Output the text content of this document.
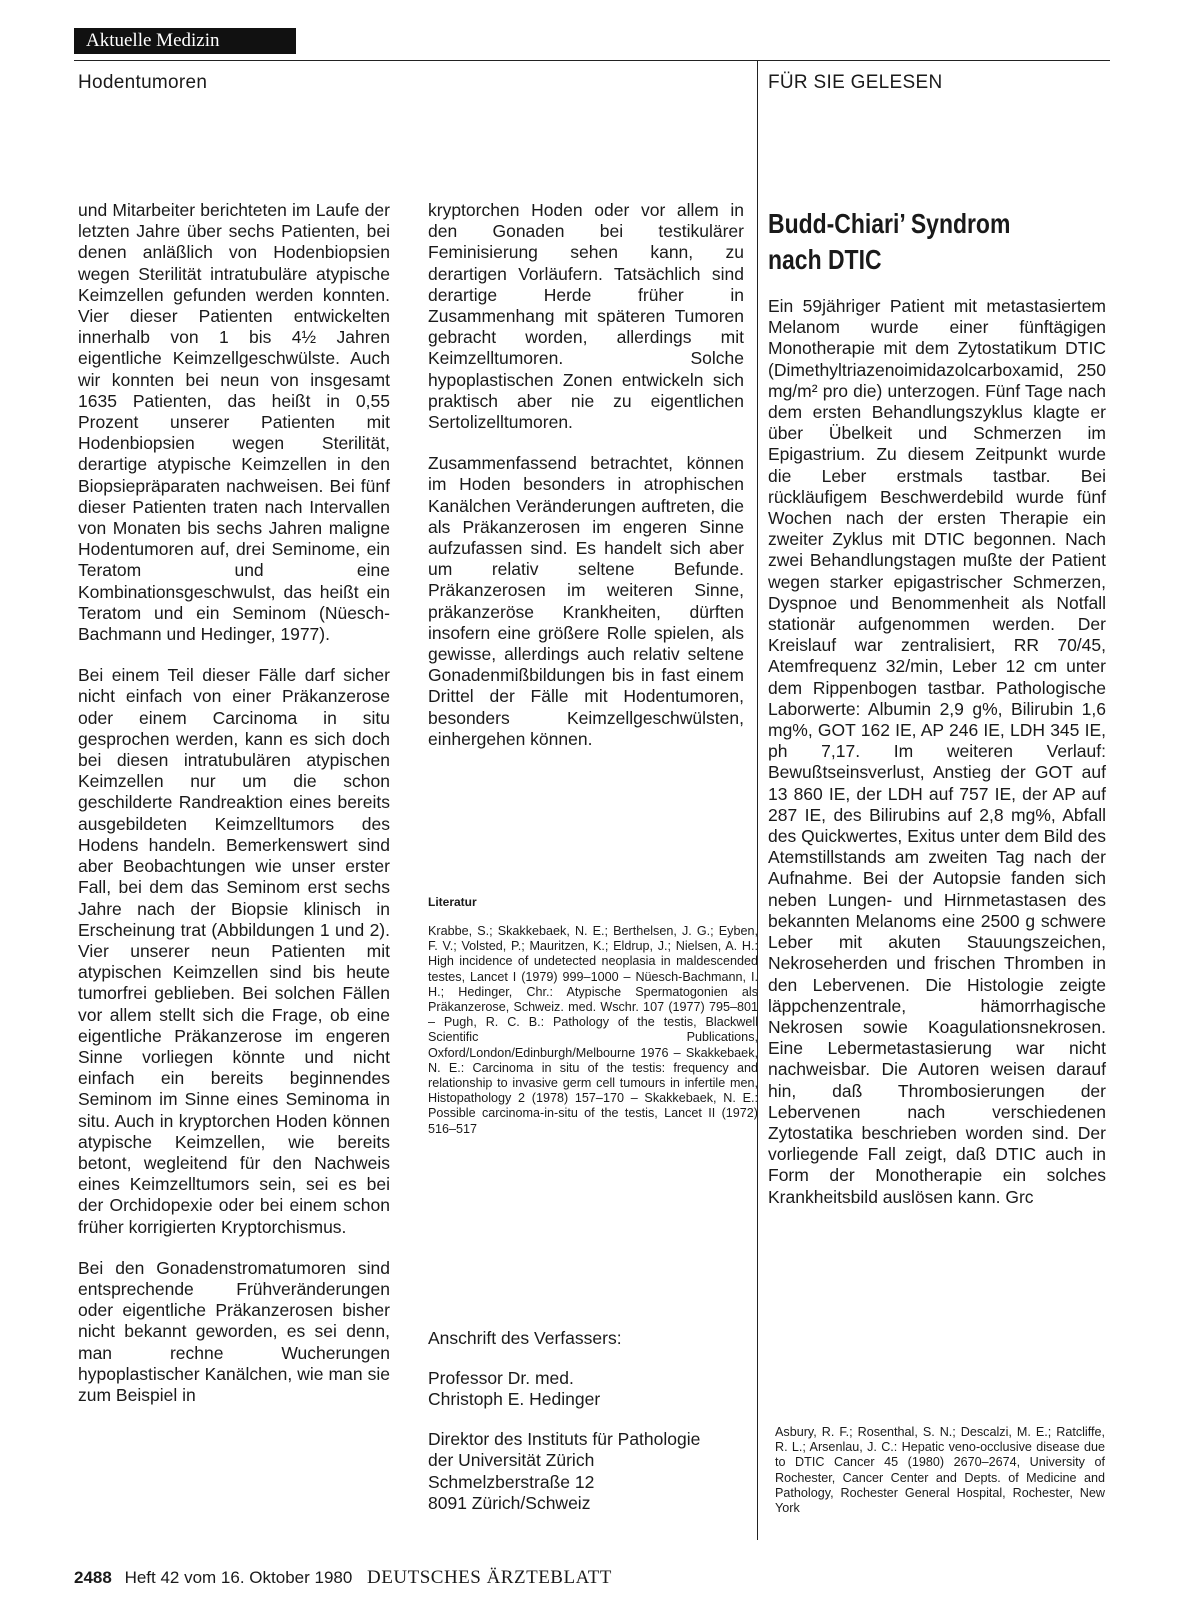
Aktuelle Medizin
Hodentumoren	FÜR SIE GELESEN

und Mitarbeiter berichteten im Laufe der letzten Jahre über sechs Patienten, bei denen anläßlich von Hodenbiopsien wegen Sterilität intratubuläre atypische Keimzellen gefunden werden konnten. Vier dieser Patienten entwickelten innerhalb von 1 bis 4½ Jahren eigentliche Keimzellgeschwülste. Auch wir konnten bei neun von insgesamt 1635 Patienten, das heißt in 0,55 Prozent unserer Patienten mit Hodenbiopsien wegen Sterilität, derartige atypische Keimzellen in den Biopsiepräparaten nachweisen. Bei fünf dieser Patienten traten nach Intervallen von Monaten bis sechs Jahren maligne Hodentumoren auf, drei Seminome, ein Teratom und eine Kombinationsgeschwulst, das heißt ein Teratom und ein Seminom (Nüesch-Bachmann und Hedinger, 1977).

Bei einem Teil dieser Fälle darf sicher nicht einfach von einer Präkanzerose oder einem Carcinoma in situ gesprochen werden, kann es sich doch bei diesen intratubulären atypischen Keimzellen nur um die schon geschilderte Randreaktion eines bereits ausgebildeten Keimzelltumors des Hodens handeln. Bemerkenswert sind aber Beobachtungen wie unser erster Fall, bei dem das Seminom erst sechs Jahre nach der Biopsie klinisch in Erscheinung trat (Abbildungen 1 und 2). Vier unserer neun Patienten mit atypischen Keimzellen sind bis heute tumorfrei geblieben. Bei solchen Fällen vor allem stellt sich die Frage, ob eine eigentliche Präkanzerose im engeren Sinne vorliegen könnte und nicht einfach ein bereits beginnendes Seminom im Sinne eines Seminoma in situ. Auch in kryptorchen Hoden können atypische Keimzellen, wie bereits betont, wegleitend für den Nachweis eines Keimzelltumors sein, sei es bei der Orchidopexie oder bei einem schon früher korrigierten Kryptorchismus.

Bei den Gonadenstromatumoren sind entsprechende Frühveränderungen oder eigentliche Präkanzerosen bisher nicht bekannt geworden, es sei denn, man rechne Wucherungen hypoplastischer Kanälchen, wie man sie zum Beispiel in

kryptorchen Hoden oder vor allem in den Gonaden bei testikulärer Feminisierung sehen kann, zu derartigen Vorläufern. Tatsächlich sind derartige Herde früher in Zusammenhang mit späteren Tumoren gebracht worden, allerdings mit Keimzelltumoren. Solche hypoplastischen Zonen entwickeln sich praktisch aber nie zu eigentlichen Sertolizelltumoren.

Zusammenfassend betrachtet, können im Hoden besonders in atrophischen Kanälchen Veränderungen auftreten, die als Präkanzerosen im engeren Sinne aufzufassen sind. Es handelt sich aber um relativ seltene Befunde. Präkanzerosen im weiteren Sinne, präkanzeröse Krankheiten, dürften insofern eine größere Rolle spielen, als gewisse, allerdings auch relativ seltene Gonadenmißbildungen bis in fast einem Drittel der Fälle mit Hodentumoren, besonders Keimzellgeschwülsten, einhergehen können.

Literatur
Krabbe, S.; Skakkebaek, N. E.; Berthelsen, J. G.; Eyben, F. V.; Volsted, P.; Mauritzen, K.; Eldrup, J.; Nielsen, A. H.: High incidence of undetected neoplasia in maldescended testes, Lancet I (1979) 999–1000 – Nüesch-Bachmann, I. H.; Hedinger, Chr.: Atypische Spermatogonien als Präkanzerose, Schweiz. med. Wschr. 107 (1977) 795–801 – Pugh, R. C. B.: Pathology of the testis, Blackwell Scientific Publications, Oxford/London/Edinburgh/Melbourne 1976 – Skakkebaek, N. E.: Carcinoma in situ of the testis: frequency and relationship to invasive germ cell tumours in infertile men, Histopathology 2 (1978) 157–170 – Skakkebaek, N. E.: Possible carcinoma-in-situ of the testis, Lancet II (1972) 516–517
Anschrift des Verfassers:
Professor Dr. med.
Christoph E. Hedinger
Direktor des Instituts für Pathologie
der Universität Zürich
Schmelzberstraße 12
8091 Zürich/Schweiz
Budd-Chiari’ Syndrom
nach DTIC

Ein 59jähriger Patient mit metastasiertem Melanom wurde einer fünftägigen Monotherapie mit dem Zytostatikum DTIC (Dimethyltriazenoimidazolcarboxamid, 250 mg/m² pro die) unterzogen. Fünf Tage nach dem ersten Behandlungszyklus klagte er über Übelkeit und Schmerzen im Epigastrium. Zu diesem Zeitpunkt wurde die Leber erstmals tastbar. Bei rückläufigem Beschwerdebild wurde fünf Wochen nach der ersten Therapie ein zweiter Zyklus mit DTIC begonnen. Nach zwei Behandlungstagen mußte der Patient wegen starker epigastrischer Schmerzen, Dyspnoe und Benommenheit als Notfall stationär aufgenommen werden. Der Kreislauf war zentralisiert, RR 70/45, Atemfrequenz 32/min, Leber 12 cm unter dem Rippenbogen tastbar. Pathologische Laborwerte: Albumin 2,9 g%, Bilirubin 1,6 mg%, GOT 162 IE, AP 246 IE, LDH 345 IE, ph 7,17. Im weiteren Verlauf: Bewußtseinsverlust, Anstieg der GOT auf 13 860 IE, der LDH auf 757 IE, der AP auf 287 IE, des Bilirubins auf 2,8 mg%, Abfall des Quickwertes, Exitus unter dem Bild des Atemstillstands am zweiten Tag nach der Aufnahme. Bei der Autopsie fanden sich neben Lungen- und Hirnmetastasen des bekannten Melanoms eine 2500 g schwere Leber mit akuten Stauungszeichen, Nekroseherden und frischen Thromben in den Lebervenen. Die Histologie zeigte läppchenzentrale, hämorrhagische Nekrosen sowie Koagulationsnekrosen. Eine Lebermetastasierung war nicht nachweisbar. Die Autoren weisen darauf hin, daß Thrombosierungen der Lebervenen nach verschiedenen Zytostatika beschrieben worden sind. Der vorliegende Fall zeigt, daß DTIC auch in Form der Monotherapie ein solches Krankheitsbild auslösen kann. Grc

Asbury, R. F.; Rosenthal, S. N.; Descalzi, M. E.; Ratcliffe, R. L.; Arsenlau, J. C.: Hepatic veno-occlusive disease due to DTIC Cancer 45 (1980) 2670–2674, University of Rochester, Cancer Center and Depts. of Medicine and Pathology, Rochester General Hospital, Rochester, New York
2488 Heft 42 vom 16. Oktober 1980 DEUTSCHES ÄRZTEBLATT
